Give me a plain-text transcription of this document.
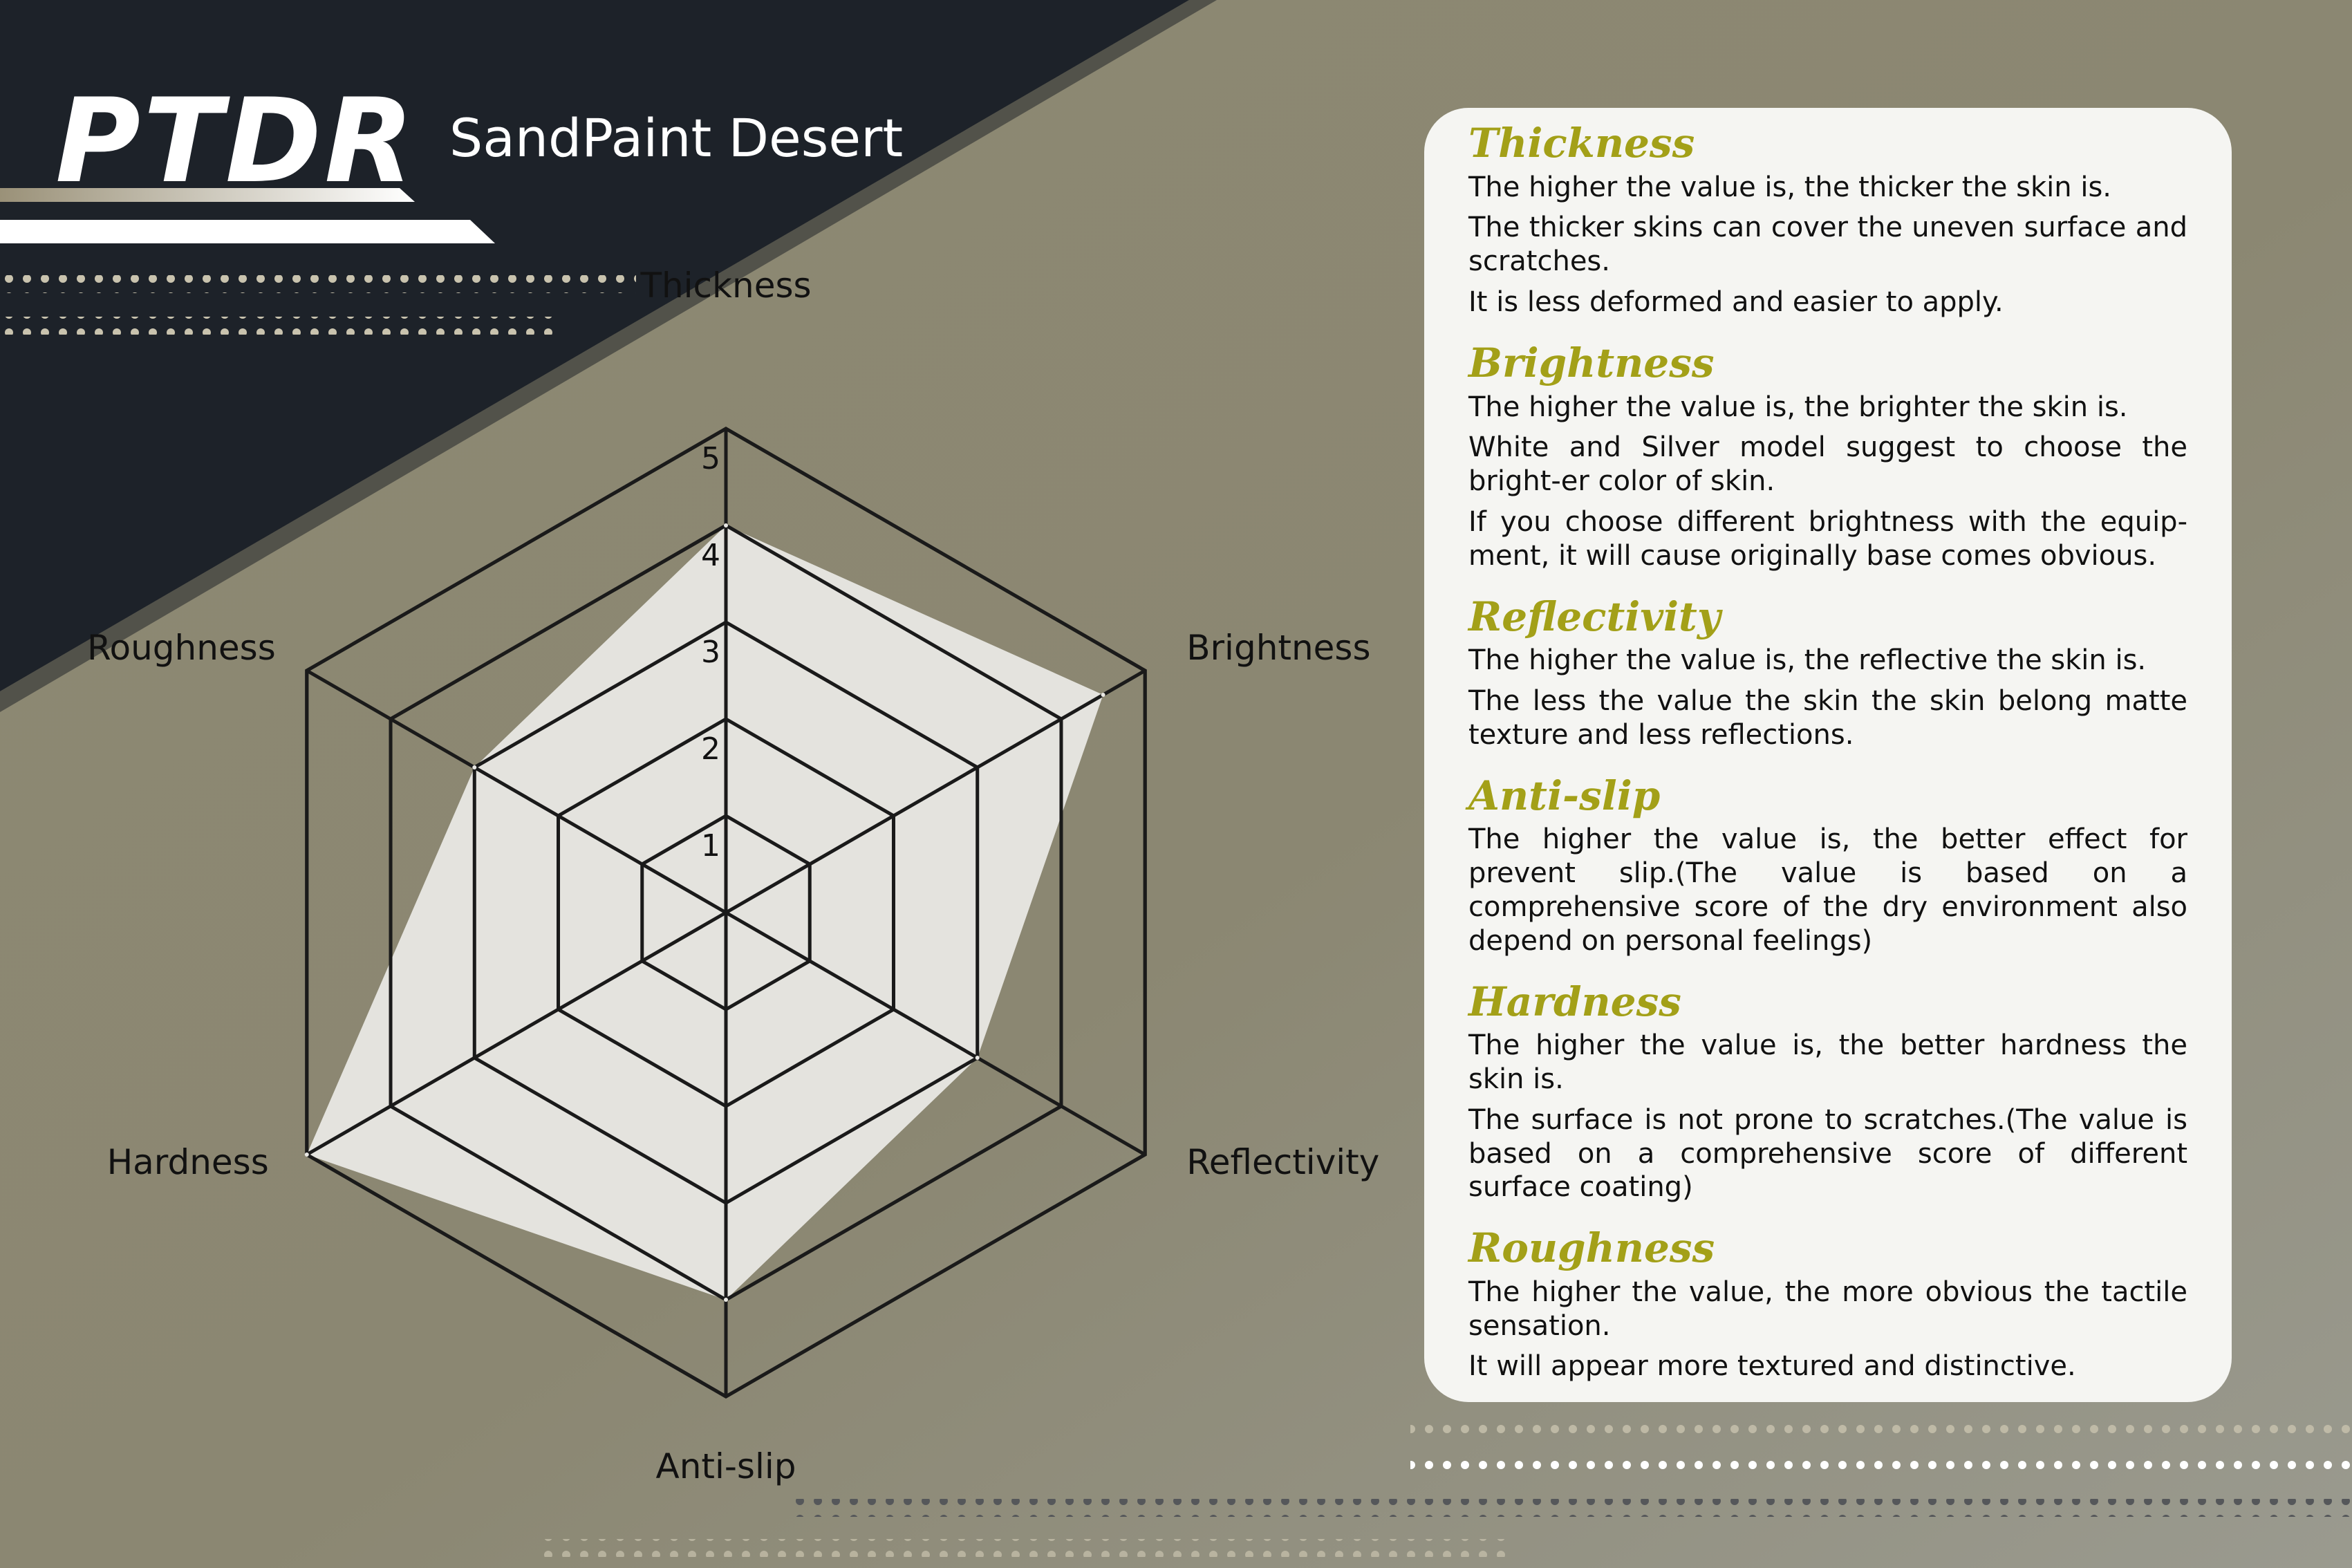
PTDR SandPaint Desert
1
2
3
4
5
Thickness
Brightness
Reflectivity
Anti-slip
Hardness
Roughness
Thickness
The higher the value is, the thicker the skin is.
The thicker skins can cover the uneven surface and scratches.
It is less deformed and easier to apply.
Brightness
The higher the value is, the brighter the skin is.
White and Silver model suggest to choose the bright-er color of skin.
If you choose different brightness with the equip-ment, it will cause originally base comes obvious.
Reflectivity
The higher the value is, the reflective the skin is.
The less the value the skin the skin belong matte texture and less reflections.
Anti-slip
The higher the value is, the better effect for prevent slip.(The value is based on a comprehensive score of the dry environment also depend on personal feelings)
Hardness
The higher the value is, the better hardness the skin is.
The surface is not prone to scratches.(The value is based on a comprehensive score of different surface coating)
Roughness
The higher the value, the more obvious the tactile sensation.
It will appear more textured and distinctive.
